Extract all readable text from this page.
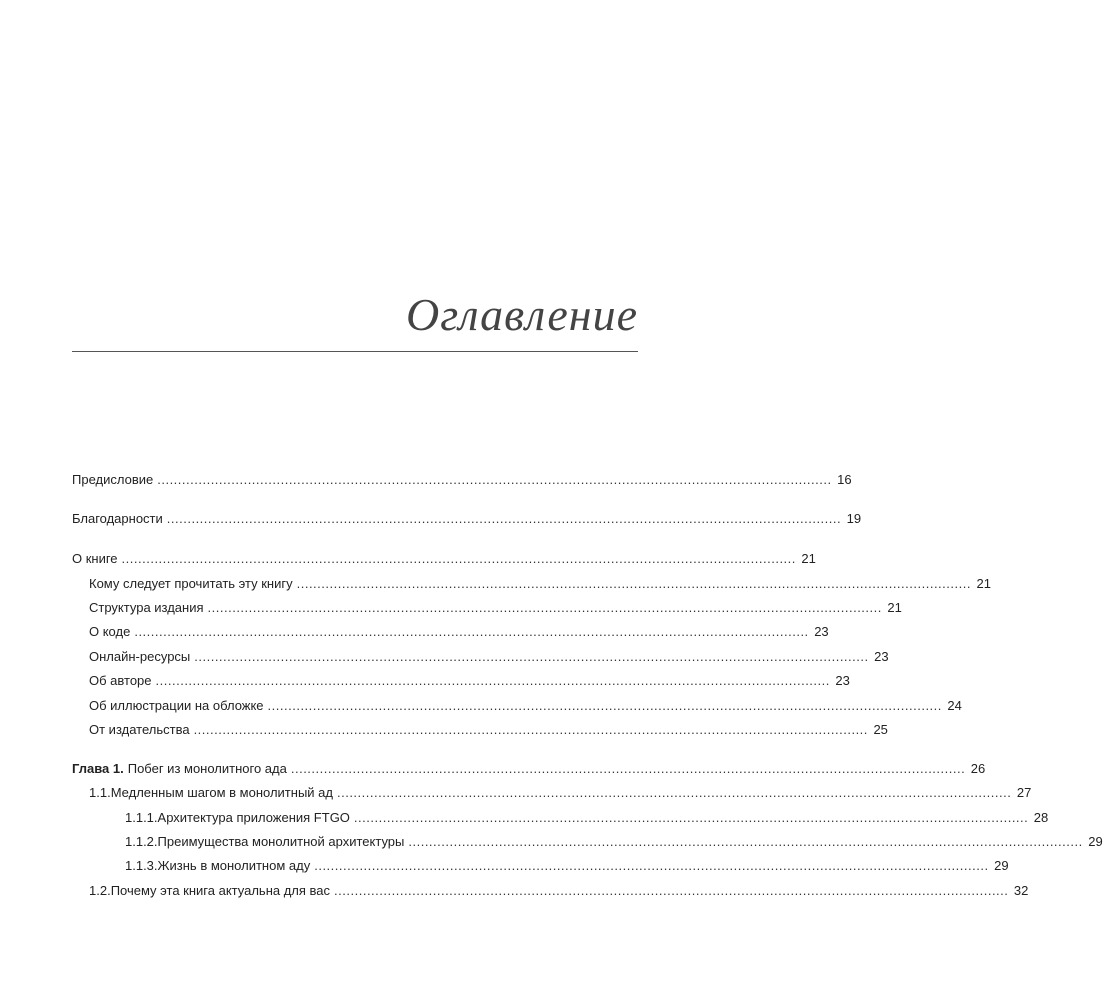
Оглавление
Предисловие .................................................................................................................................................................... 16
Благодарности .................................................................................................................................................................... 19
О книге .................................................................................................................................................................... 21
Кому следует прочитать эту книгу .................................................................................................................................................................... 21
Структура издания .................................................................................................................................................................... 21
О коде .................................................................................................................................................................... 23
Онлайн-ресурсы .................................................................................................................................................................... 23
Об авторе .................................................................................................................................................................... 23
Об иллюстрации на обложке .................................................................................................................................................................... 24
От издательства .................................................................................................................................................................... 25
Глава 1. Побег из монолитного ада .................................................................................................................................................................... 26
1.1. Медленным шагом в монолитный ад .................................................................................................................................................................... 27
1.1.1. Архитектура приложения FTGO .................................................................................................................................................................... 28
1.1.2. Преимущества монолитной архитектуры .................................................................................................................................................................... 29
1.1.3. Жизнь в монолитном аду .................................................................................................................................................................... 29
1.2. Почему эта книга актуальна для вас .................................................................................................................................................................... 32
